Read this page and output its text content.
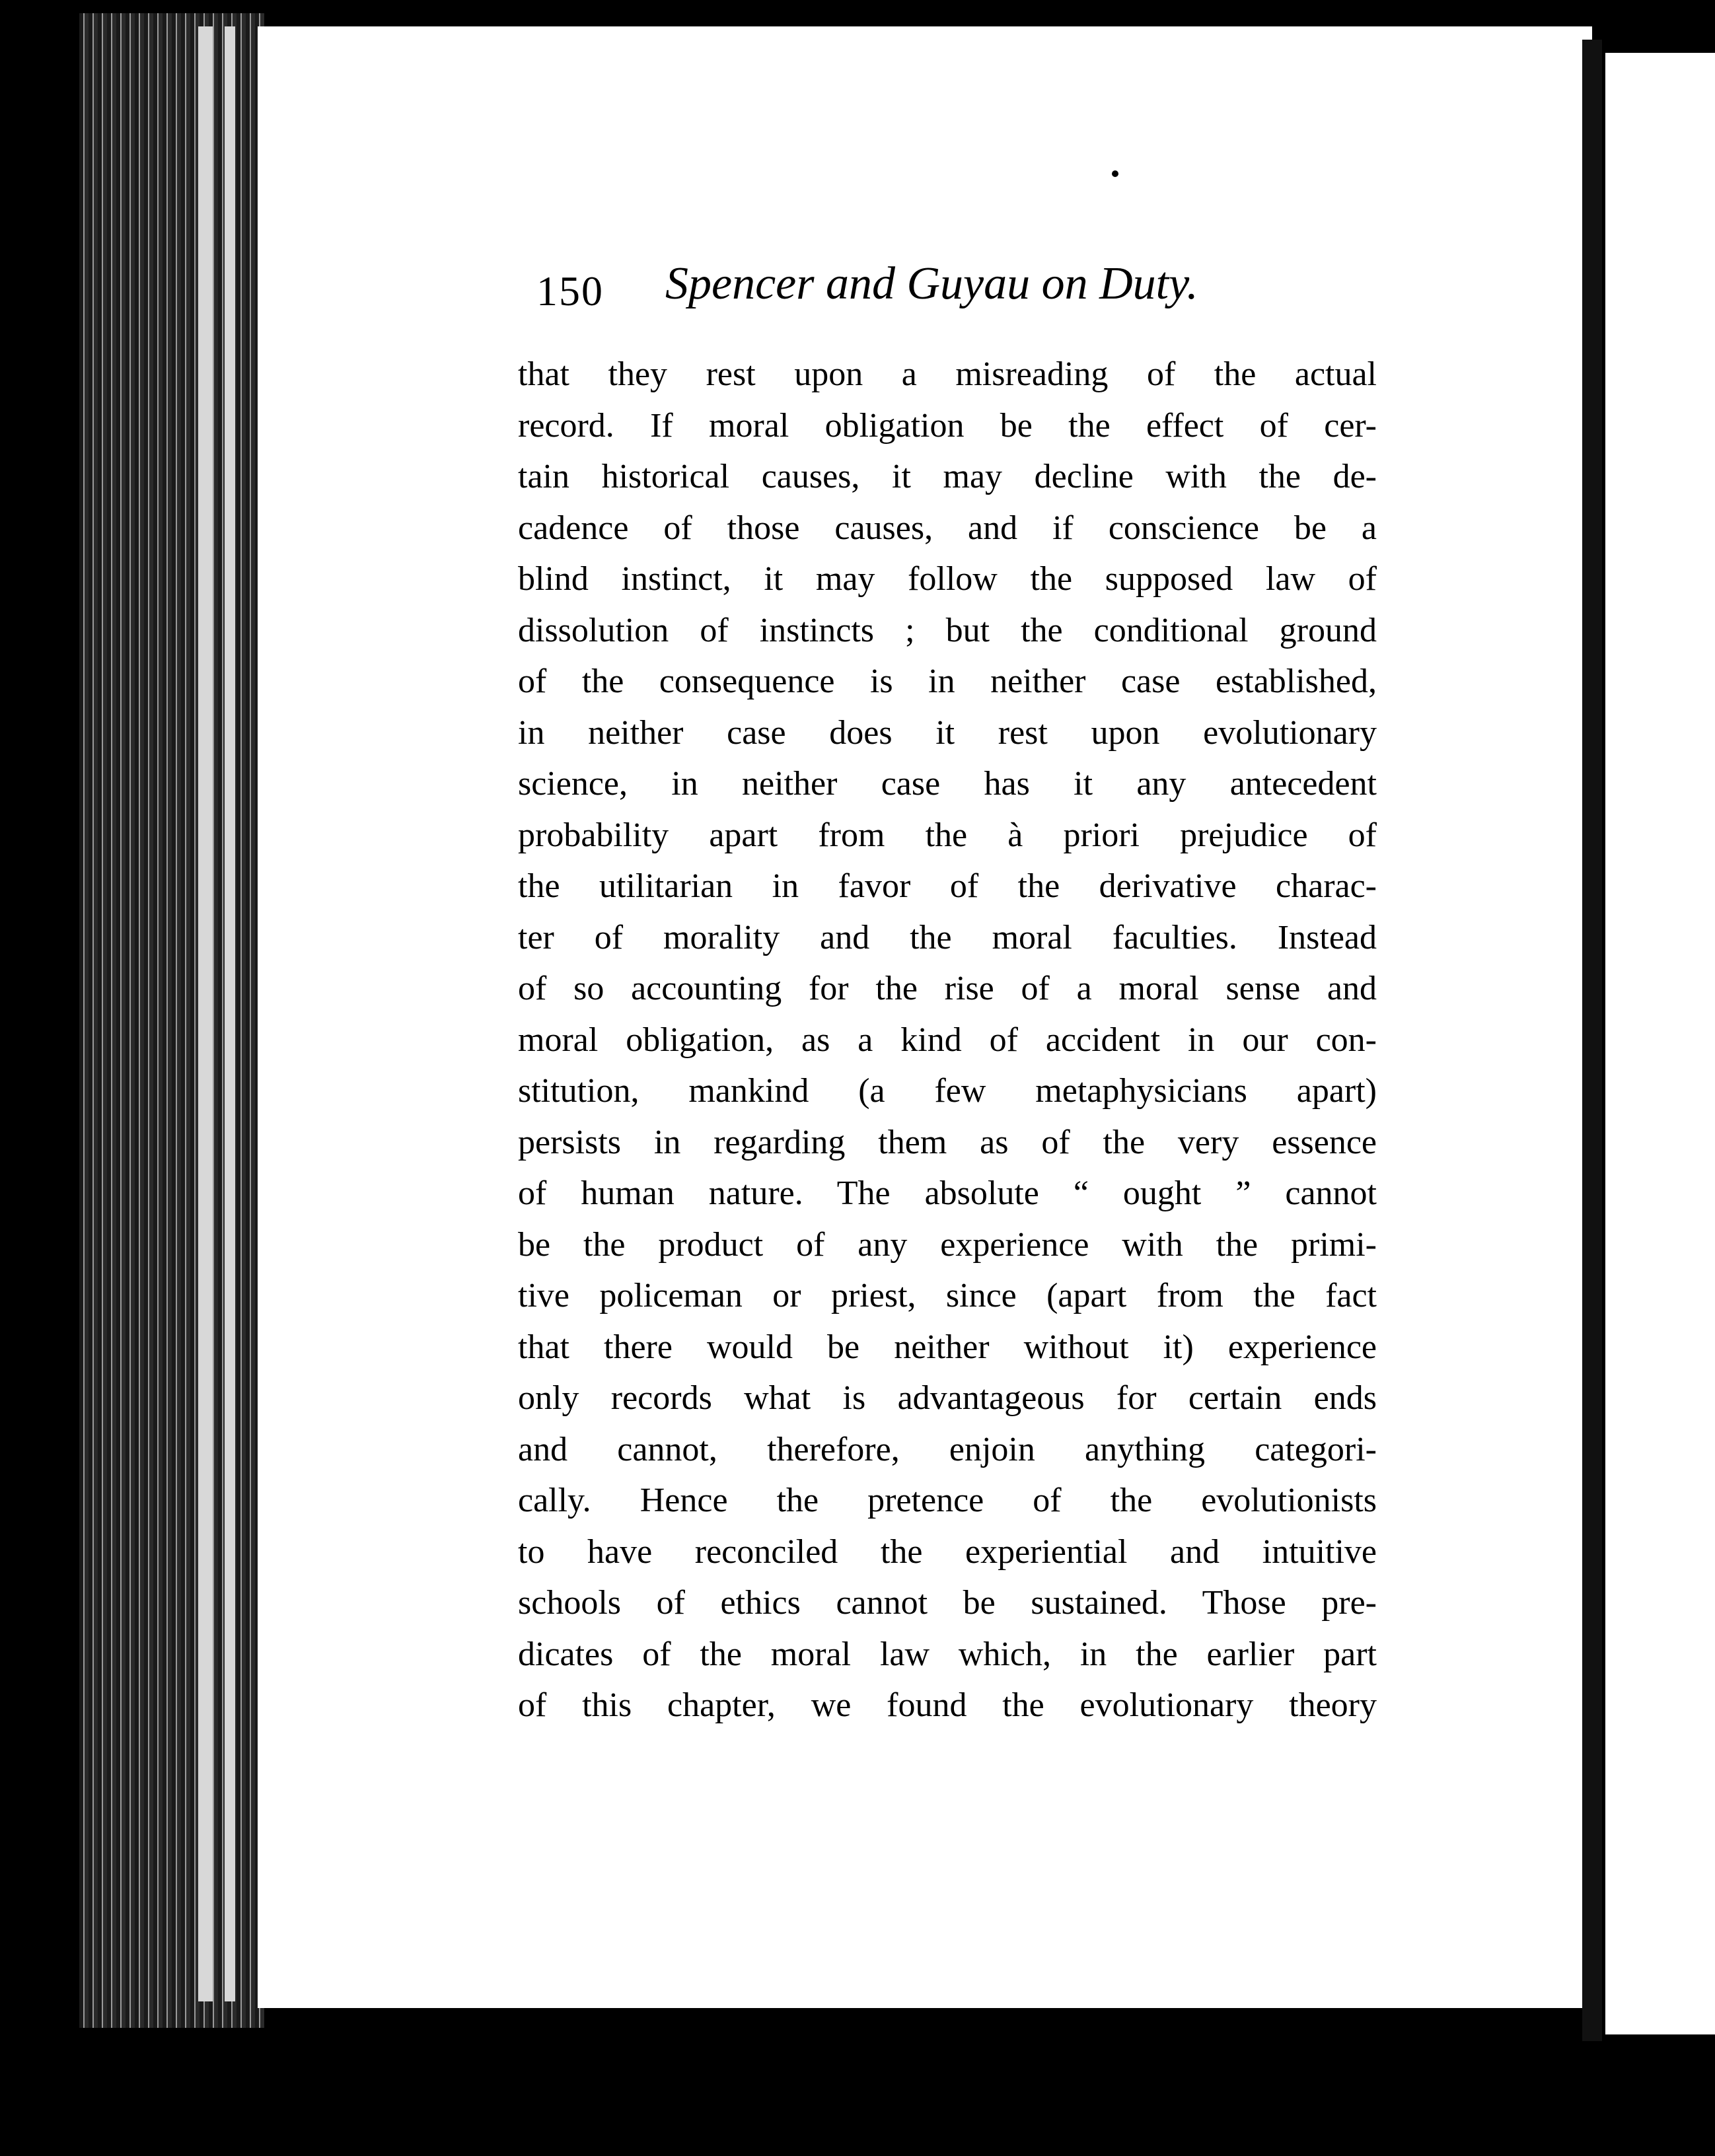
150 Spencer and Guyau on Duty.
that they rest upon a misreading of the actual
record. If moral obligation be the effect of cer-
tain historical causes, it may decline with the de-
cadence of those causes, and if conscience be a
blind instinct, it may follow the supposed law of
dissolution of instincts ; but the conditional ground
of the consequence is in neither case established,
in neither case does it rest upon evolutionary
science, in neither case has it any antecedent
probability apart from the à priori prejudice of
the utilitarian in favor of the derivative charac-
ter of morality and the moral faculties. Instead
of so accounting for the rise of a moral sense and
moral obligation, as a kind of accident in our con-
stitution, mankind (a few metaphysicians apart)
persists in regarding them as of the very essence
of human nature. The absolute “ ought ” cannot
be the product of any experience with the primi-
tive policeman or priest, since (apart from the fact
that there would be neither without it) experience
only records what is advantageous for certain ends
and cannot, therefore, enjoin anything categori-
cally. Hence the pretence of the evolutionists
to have reconciled the experiential and intuitive
schools of ethics cannot be sustained. Those pre-
dicates of the moral law which, in the earlier part
of this chapter, we found the evolutionary theory
